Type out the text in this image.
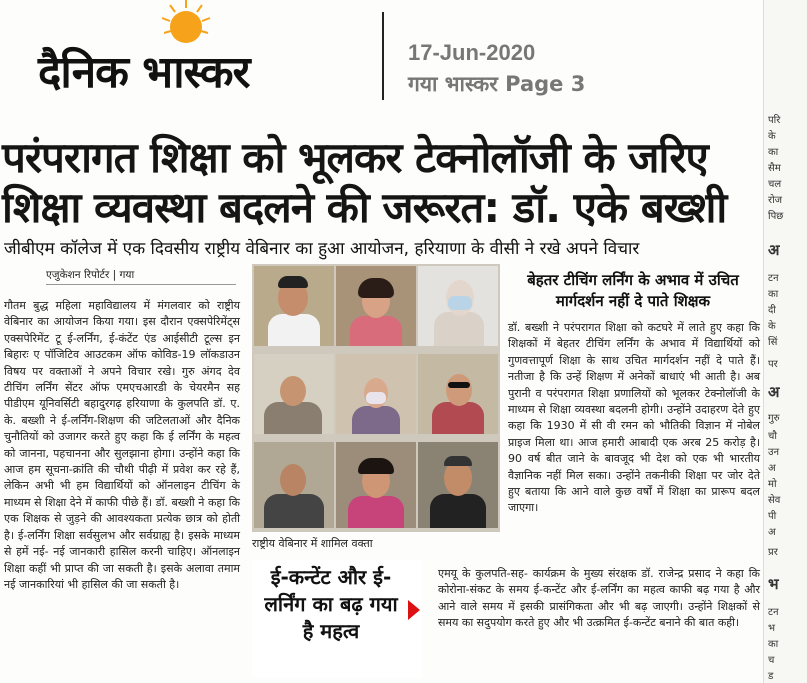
दैनिक भास्कर	17-Jun-2020
गया भास्कर Page 3
परि
के
का
सैम
चल
रोज
पिछ
अ
टन
का
दी
के
सिं
पर
अ
गुरु
चौ
उन
अ
मो
सेव
पी
अ
प्रर
भ
टन
भ
का
च
ड
परंपरागत शिक्षा को भूलकर टेक्नोलॉजी के जरिए
शिक्षा व्यवस्था बदलने की जरूरत: डॉ. एके बख्शी
जीबीएम कॉलेज में एक दिवसीय राष्ट्रीय वेबिनार का हुआ आयोजन, हरियाणा के वीसी ने रखे अपने विचार
एजुकेशन रिपोर्टर | गया
गौतम बुद्ध महिला महाविद्यालय में मंगलवार को राष्ट्रीय वेबिनार का आयोजन किया गया। इस दौरान एक्सपेरिमेंट्स एक्सपेरिमेंट टू ई-लर्निंग, ई-कंटेंट एंड आईसीटी टूल्स इन बिहारः ए पॉजिटिव आउटकम ऑफ कोविड-19 लॉकडाउन विषय पर वक्ताओं ने अपने विचार रखे। गुरु अंगद देव टीचिंग लर्निंग सेंटर ऑफ एमएचआरडी के चेयरमैन सह पीडीएम यूनिवर्सिटी बहादुरगढ़ हरियाणा के कुलपति डॉ. ए. के. बख्शी ने ई-लर्निंग-शिक्षण की जटिलताओं और दैनिक चुनौतियों को उजागर करते हुए कहा कि ई लर्निंग के महत्व को जानना, पहचानना और सुलझाना होगा। उन्होंने कहा कि आज हम सूचना-क्रांति की चौथी पीढ़ी में प्रवेश कर रहे हैं, लेकिन अभी भी हम विद्यार्थियों को ऑनलाइन टीचिंग के माध्यम से शिक्षा देने में काफी पीछे हैं। डॉ. बख्शी ने कहा कि एक शिक्षक से जुड़ने की आवश्यकता प्रत्येक छात्र को होती है। ई-लर्निंग शिक्षा सर्वसुलभ और सर्वग्राह्य है। इसके माध्यम से हमें नई- नई जानकारी हासिल करनी चाहिए। ऑनलाइन शिक्षा कहीं भी प्राप्त की जा सकती है। इसके अलावा तमाम नई जानकारियां भी हासिल की जा सकती है।
राष्ट्रीय वेबिनार में शामिल वक्ता
बेहतर टीचिंग लर्निंग के अभाव में उचित मार्गदर्शन नहीं दे पाते शिक्षक
डॉ. बख्शी ने परंपरागत शिक्षा को कटघरे में लाते हुए कहा कि शिक्षकों में बेहतर टीचिंग लर्निंग के अभाव में विद्यार्थियों को गुणवत्तापूर्ण शिक्षा के साथ उचित मार्गदर्शन नहीं दे पाते हैं। नतीजा है कि उन्हें शिक्षण में अनेकों बाधाएं भी आती है। अब पुरानी व परंपरागत शिक्षा प्रणालियों को भूलकर टेक्नोलॉजी के माध्यम से शिक्षा व्यवस्था बदलनी होगी। उन्होंने उदाहरण देते हुए कहा कि 1930 में सी वी रमन को भौतिकी विज्ञान में नोबेल प्राइज मिला था। आज हमारी आबादी एक अरब 25 करोड़ है। 90 वर्ष बीत जाने के बावजूद भी देश को एक भी भारतीय वैज्ञानिक नहीं मिल सका। उन्होंने तकनीकी शिक्षा पर जोर देते हुए बताया कि आने वाले कुछ वर्षों में शिक्षा का प्रारूप बदल जाएगा।
ई-कन्टेंट और ई-लर्निंग का बढ़ गया है महत्व
एमयू के कुलपति-सह- कार्यक्रम के मुख्य संरक्षक डॉ. राजेन्द्र प्रसाद ने कहा कि कोरोना-संकट के समय ई-कन्टेंट और ई-लर्निंग का महत्व काफी बढ़ गया है और आने वाले समय में इसकी प्रासंगिकता और भी बढ़ जाएगी। उन्होंने शिक्षकों से समय का सदुपयोग करते हुए और भी उत्क्रमित ई-कन्टेंट बनाने की बात कही।
